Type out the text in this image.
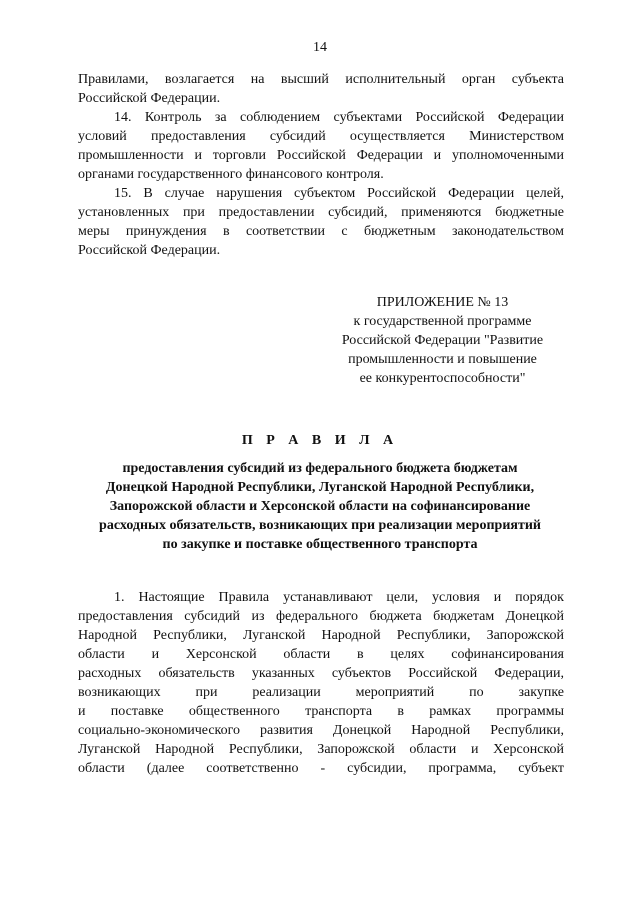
14
Правилами, возлагается на высший исполнительный орган субъекта
Российской Федерации.
14. Контроль за соблюдением субъектами Российской Федерации
условий предоставления субсидий осуществляется Министерством
промышленности и торговли Российской Федерации и уполномоченными
органами государственного финансового контроля.
15. В случае нарушения субъектом Российской Федерации целей,
установленных при предоставлении субсидий, применяются бюджетные
меры принуждения в соответствии с бюджетным законодательством
Российской Федерации.
ПРИЛОЖЕНИЕ № 13
к государственной программе
Российской Федерации "Развитие
промышленности и повышение
ее конкурентоспособности"
П Р А В И Л А
предоставления субсидий из федерального бюджета бюджетам
Донецкой Народной Республики, Луганской Народной Республики,
Запорожской области и Херсонской области на софинансирование
расходных обязательств, возникающих при реализации мероприятий
по закупке и поставке общественного транспорта
1. Настоящие Правила устанавливают цели, условия и порядок
предоставления субсидий из федерального бюджета бюджетам Донецкой
Народной Республики, Луганской Народной Республики, Запорожской
области и Херсонской области в целях софинансирования
расходных обязательств указанных субъектов Российской Федерации,
возникающих при реализации мероприятий по закупке
и поставке общественного транспорта в рамках программы
социально-экономического развития Донецкой Народной Республики,
Луганской Народной Республики, Запорожской области и Херсонской
области (далее соответственно - субсидии, программа, субъект
